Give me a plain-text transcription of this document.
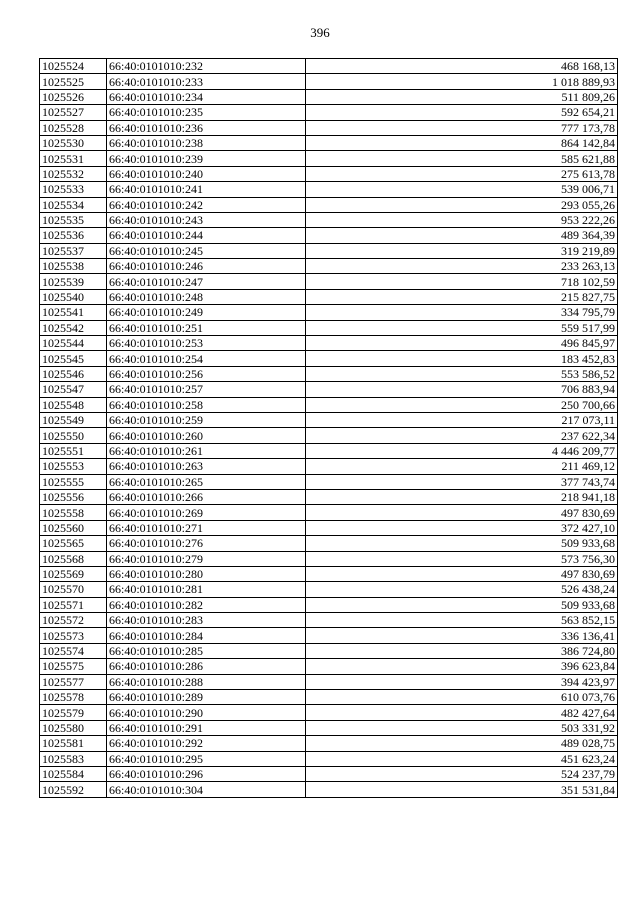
396
1025524	66:40:0101010:232	468 168,13
1025525	66:40:0101010:233	1 018 889,93
1025526	66:40:0101010:234	511 809,26
1025527	66:40:0101010:235	592 654,21
1025528	66:40:0101010:236	777 173,78
1025530	66:40:0101010:238	864 142,84
1025531	66:40:0101010:239	585 621,88
1025532	66:40:0101010:240	275 613,78
1025533	66:40:0101010:241	539 006,71
1025534	66:40:0101010:242	293 055,26
1025535	66:40:0101010:243	953 222,26
1025536	66:40:0101010:244	489 364,39
1025537	66:40:0101010:245	319 219,89
1025538	66:40:0101010:246	233 263,13
1025539	66:40:0101010:247	718 102,59
1025540	66:40:0101010:248	215 827,75
1025541	66:40:0101010:249	334 795,79
1025542	66:40:0101010:251	559 517,99
1025544	66:40:0101010:253	496 845,97
1025545	66:40:0101010:254	183 452,83
1025546	66:40:0101010:256	553 586,52
1025547	66:40:0101010:257	706 883,94
1025548	66:40:0101010:258	250 700,66
1025549	66:40:0101010:259	217 073,11
1025550	66:40:0101010:260	237 622,34
1025551	66:40:0101010:261	4 446 209,77
1025553	66:40:0101010:263	211 469,12
1025555	66:40:0101010:265	377 743,74
1025556	66:40:0101010:266	218 941,18
1025558	66:40:0101010:269	497 830,69
1025560	66:40:0101010:271	372 427,10
1025565	66:40:0101010:276	509 933,68
1025568	66:40:0101010:279	573 756,30
1025569	66:40:0101010:280	497 830,69
1025570	66:40:0101010:281	526 438,24
1025571	66:40:0101010:282	509 933,68
1025572	66:40:0101010:283	563 852,15
1025573	66:40:0101010:284	336 136,41
1025574	66:40:0101010:285	386 724,80
1025575	66:40:0101010:286	396 623,84
1025577	66:40:0101010:288	394 423,97
1025578	66:40:0101010:289	610 073,76
1025579	66:40:0101010:290	482 427,64
1025580	66:40:0101010:291	503 331,92
1025581	66:40:0101010:292	489 028,75
1025583	66:40:0101010:295	451 623,24
1025584	66:40:0101010:296	524 237,79
1025592	66:40:0101010:304	351 531,84
